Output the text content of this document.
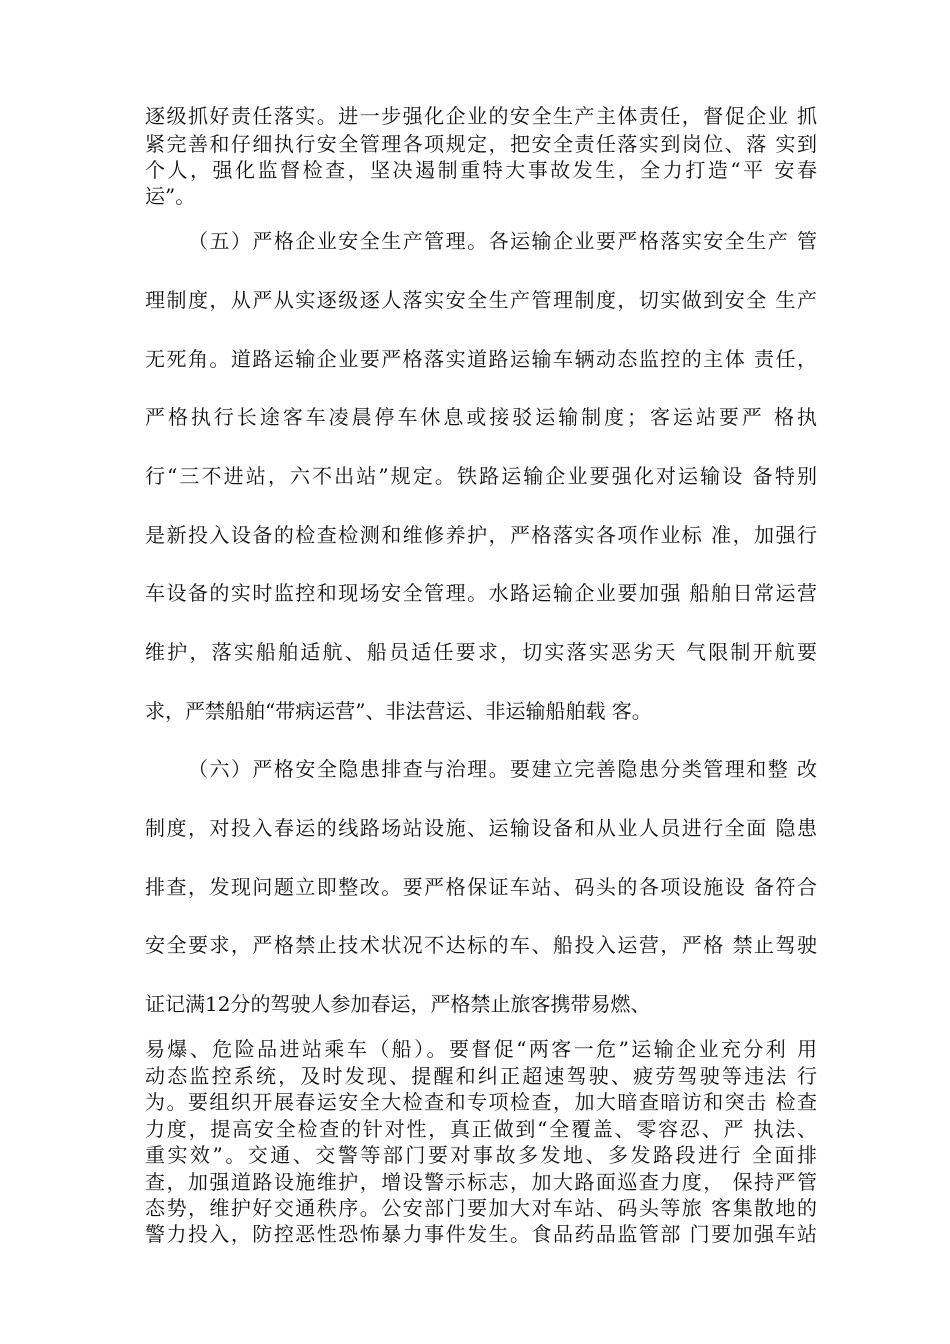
逐级抓好责任落实。进一步强化企业的安全生产主体责任，督促企业 抓
紧完善和仔细执行安全管理各项规定，把安全责任落实到岗位、落 实到
个人，强化监督检查，坚决遏制重特大事故发生，全力打造“平 安春
运”。
（五）严格企业安全生产管理。各运输企业要严格落实安全生产 管
理制度，从严从实逐级逐人落实安全生产管理制度，切实做到安全 生产
无死角。道路运输企业要严格落实道路运输车辆动态监控的主体 责任，
严格执行长途客车凌晨停车休息或接驳运输制度；客运站要严 格执
行“三不进站，六不出站”规定。铁路运输企业要强化对运输设 备特别
是新投入设备的检查检测和维修养护，严格落实各项作业标 准，加强行
车设备的实时监控和现场安全管理。水路运输企业要加强 船舶日常运营
维护，落实船舶适航、船员适任要求，切实落实恶劣天 气限制开航要
求，严禁船舶“带病运营”、非法营运、非运输船舶载 客。
（六）严格安全隐患排查与治理。要建立完善隐患分类管理和整 改
制度，对投入春运的线路场站设施、运输设备和从业人员进行全面 隐患
排查，发现问题立即整改。要严格保证车站、码头的各项设施设 备符合
安全要求，严格禁止技术状况不达标的车、船投入运营，严格 禁止驾驶
证记满12分的驾驶人参加春运，严格禁止旅客携带易燃、
易爆、危险品进站乘车（船）。要督促“两客一危”运输企业充分利 用
动态监控系统，及时发现、提醒和纠正超速驾驶、疲劳驾驶等违法 行
为。要组织开展春运安全大检查和专项检查，加大暗查暗访和突击 检查
力度，提高安全检查的针对性，真正做到“全覆盖、零容忍、严 执法、
重实效”。交通、交警等部门要对事故多发地、多发路段进行 全面排
查，加强道路设施维护，增设警示标志，加大路面巡查力度， 保持严管
态势，维护好交通秩序。公安部门要加大对车站、码头等旅 客集散地的
警力投入，防控恶性恐怖暴力事件发生。食品药品监管部 门要加强车站
